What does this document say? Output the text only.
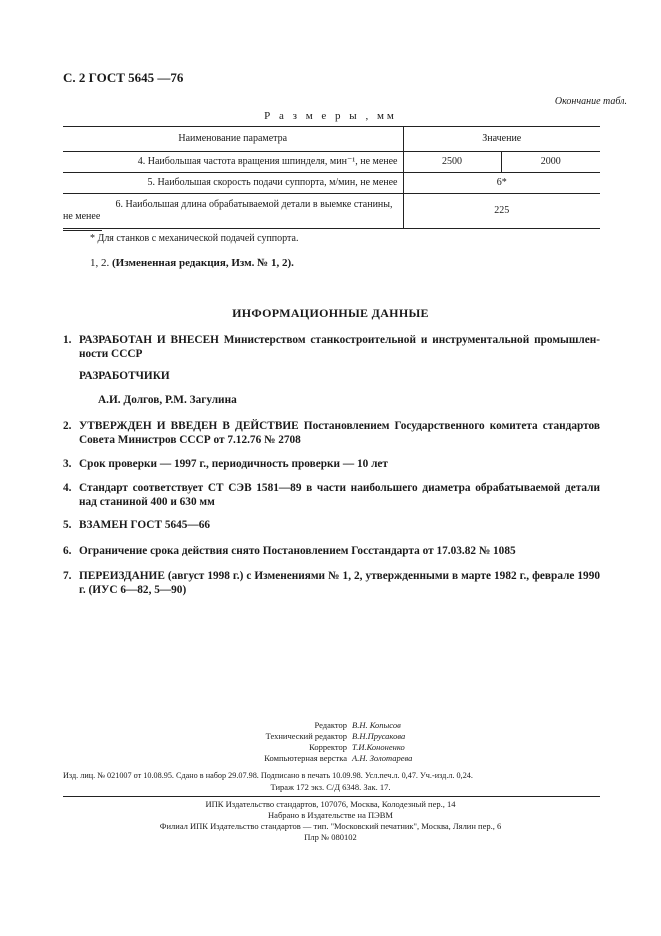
С. 2 ГОСТ 5645 —76
Окончание табл.
Р а з м е р ы , мм
Наименование параметра	Значение	
4. Наибольшая частота вращения шпинделя, мин⁻¹, не менее	2500	2000
5. Наибольшая скорость подачи суппорта, м/мин, не менее	6*	

6. Наибольшая длина обрабатываемой детали в выемке станины,
не менее	225	
* Для станков с механической подачей суппорта.
1, 2. (Измененная редакция, Изм. № 1, 2).
ИНФОРМАЦИОННЫЕ ДАННЫЕ
1. РАЗРАБОТАН И ВНЕСЕН Министерством станкостроительной и инструментальной промышлен-ности СССР
РАЗРАБОТЧИКИ
А.И. Долгов, Р.М. Загулина
2. УТВЕРЖДЕН И ВВЕДЕН В ДЕЙСТВИЕ Постановлением Государственного комитета стандартов Совета Министров СССР от 7.12.76 № 2708
3. Срок проверки — 1997 г., периодичность проверки — 10 лет
4. Стандарт соответствует СТ СЭВ 1581—89 в части наибольшего диаметра обрабатываемой детали над станиной 400 и 630 мм
5. ВЗАМЕН ГОСТ 5645—66
6. Ограничение срока действия снято Постановлением Госстандарта от 17.03.82 № 1085
7. ПЕРЕИЗДАНИЕ (август 1998 г.) с Изменениями № 1, 2, утвержденными в марте 1982 г., феврале 1990 г. (ИУС 6—82, 5—90)
Редактор В.Н. Копысов
Технический редактор В.Н.Прусакова
Корректор Т.И.Кононенко
Компьютерная верстка А.Н. Золотарева
Изд. лиц. № 021007 от 10.08.95. Сдано в набор 29.07.98. Подписано в печать 10.09.98. Усл.печ.л. 0,47. Уч.-изд.л. 0,24.
Тираж 172 экз. С/Д 6348. Зак. 17.
ИПК Издательство стандартов, 107076, Москва, Колодезный пер., 14
Набрано в Издательстве на ПЭВМ
Филиал ИПК Издательство стандартов — тип. "Московский печатник", Москва, Лялин пер., 6
Плр № 080102
